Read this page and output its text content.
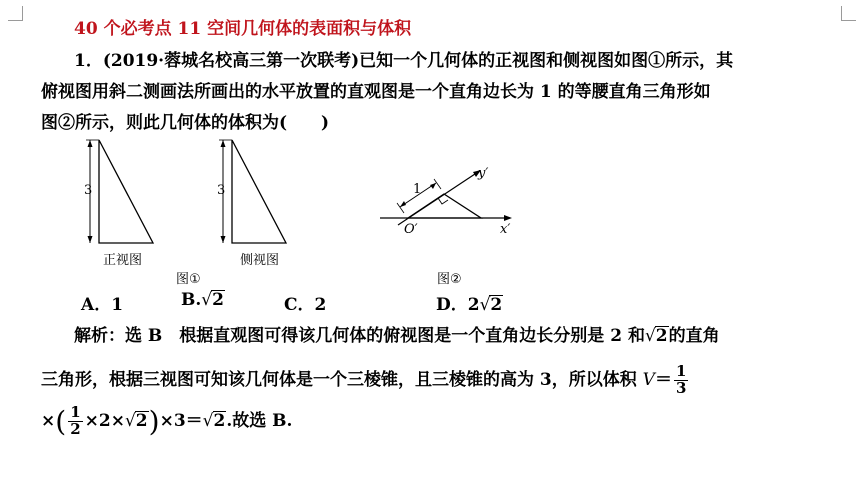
40 个必考点 11 空间几何体的表面积与体积
1．(2019·蓉城名校高三第一次联考)已知一个几何体的正视图和侧视图如图①所示，其
俯视图用斜二测画法所画出的水平放置的直观图是一个直角边长为 1 的等腰直角三角形如
图②所示，则此几何体的体积为(　　)
3	3
正视图	侧视图
图①
1
y′
x′
O′
图②
A．1	B.√2	C．2	D．2√2
解析：选 B　根据直观图可得该几何体的俯视图是一个直角边长分别是 2 和√2的直角
三角形，根据三视图可知该几何体是一个三棱锥，且三棱锥的高为 3，所以体积 $V= \frac{1}{3}$
×( $\frac{1}{2} \times 2\times√2)\times 3=√2$.故选 B.
